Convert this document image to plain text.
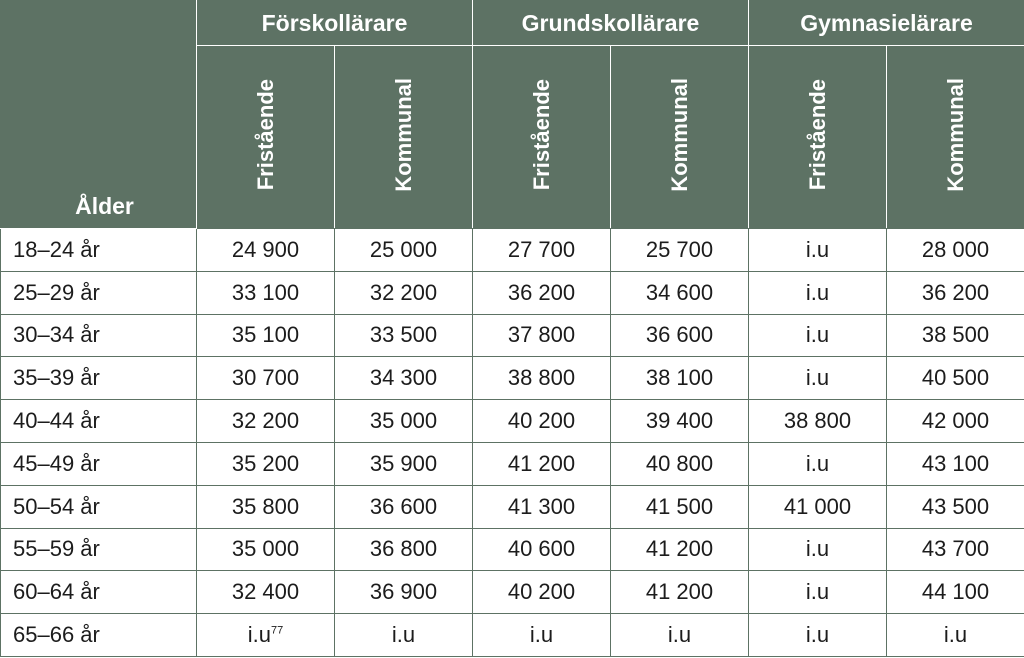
Ålder	Förskollärare		Grundskollärare		Gymnasielärare	
	Fristående	Kommunal	Fristående	Kommunal	Fristående	Kommunal
18–24 år	24 900	25 000	27 700	25 700	i.u	28 000
25–29 år	33 100	32 200	36 200	34 600	i.u	36 200
30–34 år	35 100	33 500	37 800	36 600	i.u	38 500
35–39 år	30 700	34 300	38 800	38 100	i.u	40 500
40–44 år	32 200	35 000	40 200	39 400	38 800	42 000
45–49 år	35 200	35 900	41 200	40 800	i.u	43 100
50–54 år	35 800	36 600	41 300	41 500	41 000	43 500
55–59 år	35 000	36 800	40 600	41 200	i.u	43 700
60–64 år	32 400	36 900	40 200	41 200	i.u	44 100
65–66 år	$i.u^{77}$	i.u	i.u	i.u	i.u	i.u
